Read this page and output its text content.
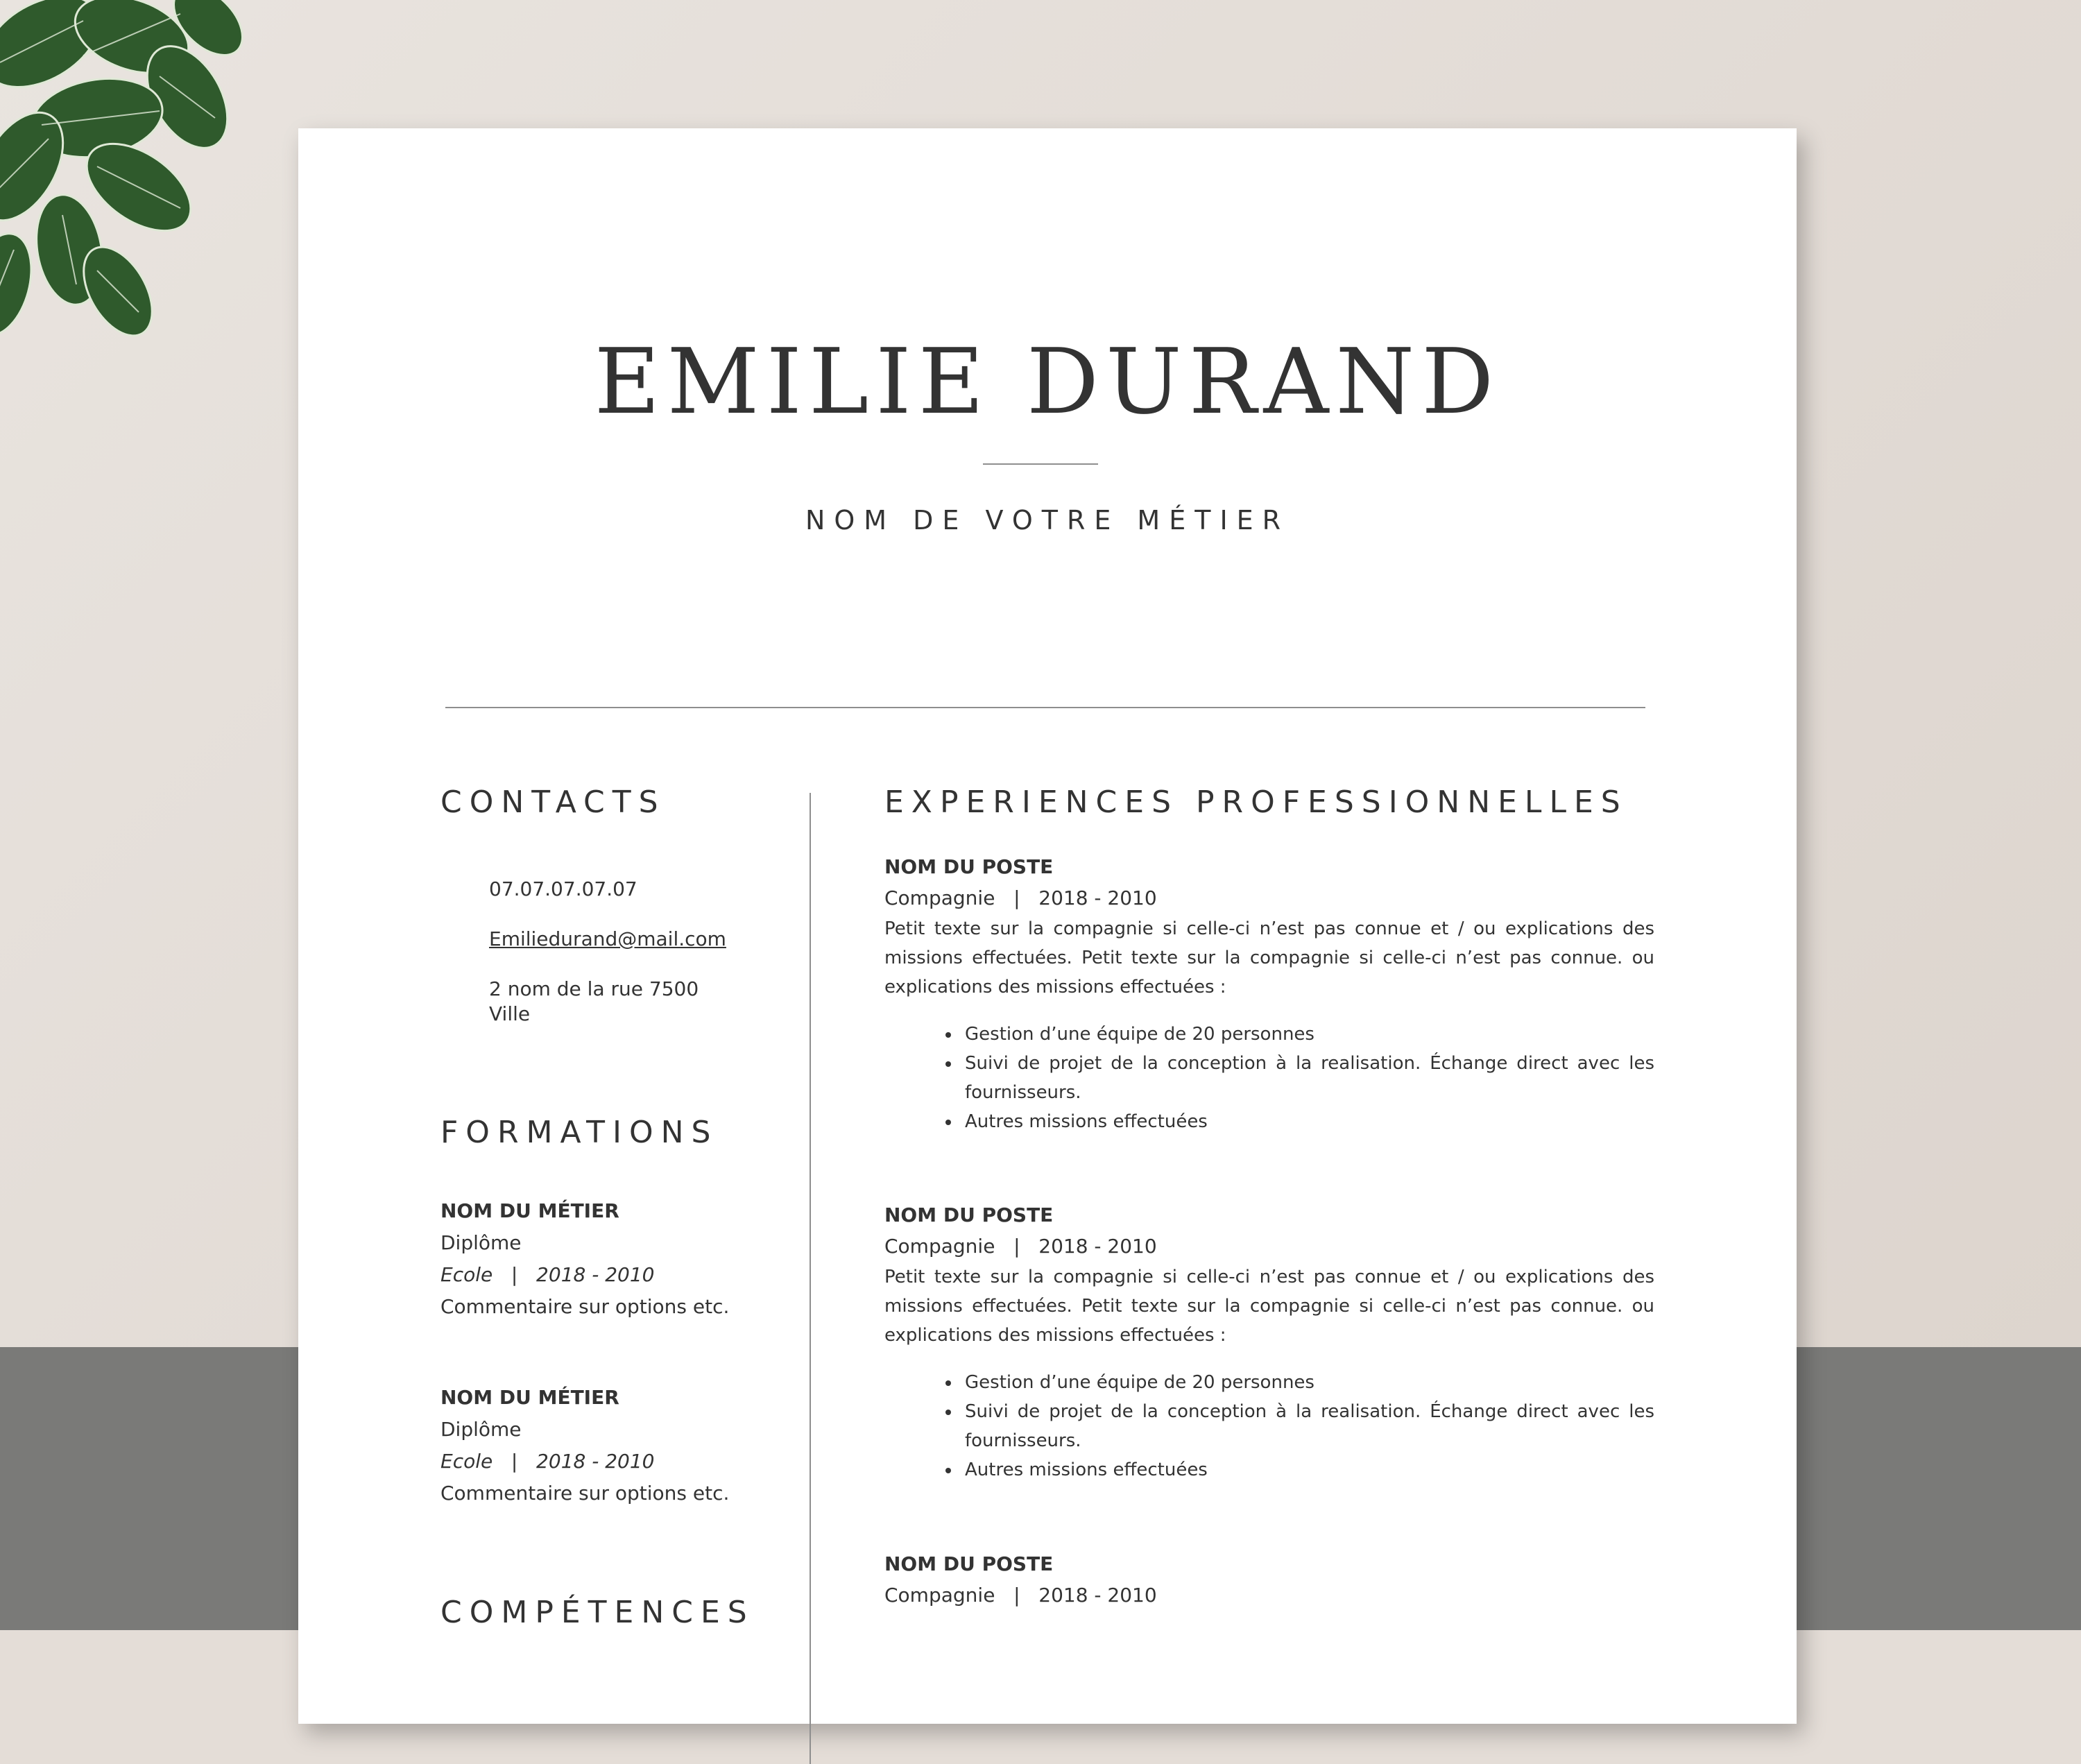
EMILIE DURAND
NOM DE VOTRE MÉTIER
CONTACTS
07.07.07.07.07
Emiliedurand@mail.com
2 nom de la rue 7500
Ville
FORMATIONS
NOM DU MÉTIER
Diplôme
Ecole   |   2018 - 2010
Commentaire sur options etc.
NOM DU MÉTIER
Diplôme
Ecole   |   2018 - 2010
Commentaire sur options etc.
COMPÉTENCES
EXPERIENCES PROFESSIONNELLES
NOM DU POSTE
Compagnie   |   2018 - 2010

Petit texte sur la compagnie si celle-ci n’est pas connue et / ou explications des missions effectuées. Petit texte sur la compagnie si celle-ci n’est pas connue. ou explications des missions effectuées :

• Gestion d’une équipe de 20 personnes
• Suivi de projet de la conception à la realisation. Échange direct avec les fournisseurs.
• Autres missions effectuées
NOM DU POSTE
Compagnie   |   2018 - 2010

Petit texte sur la compagnie si celle-ci n’est pas connue et / ou explications des missions effectuées. Petit texte sur la compagnie si celle-ci n’est pas connue. ou explications des missions effectuées :

• Gestion d’une équipe de 20 personnes
• Suivi de projet de la conception à la realisation. Échange direct avec les fournisseurs.
• Autres missions effectuées
NOM DU POSTE
Compagnie   |   2018 - 2010
